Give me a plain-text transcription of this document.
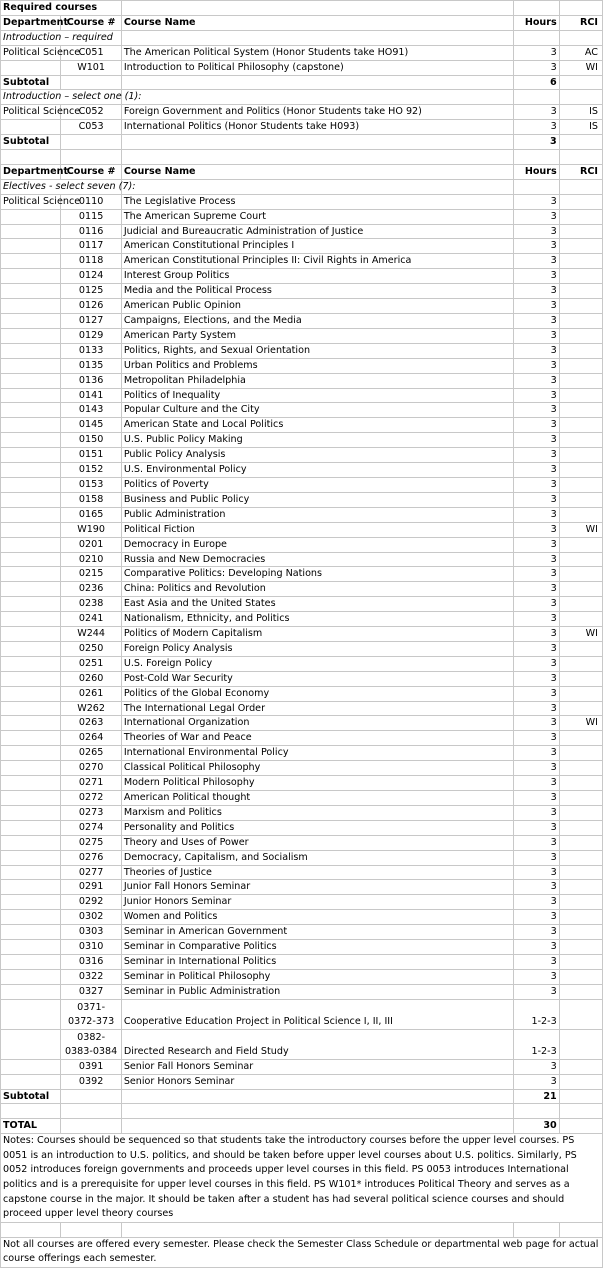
Required courses				
Department	Course #	Course Name	Hours	RCI
Introduction – required				
Political Science	C051	The American Political System (Honor Students take HO91)	3	AC
	W101	Introduction to Political Philosophy (capstone)	3	WI
Subtotal			6	
Introduction – select one (1):				
Political Science	C052	Foreign Government and Politics (Honor Students take HO 92)	3	IS
	C053	International Politics (Honor Students take H093)	3	IS
Subtotal			3	

Department	Course #	Course Name	Hours	RCI
Electives - select seven (7):				
Political Science	0110	The Legislative Process	3	
	0115	The American Supreme Court	3	
	0116	Judicial and Bureaucratic Administration of Justice	3	
	0117	American Constitutional Principles I	3	
	0118	American Constitutional Principles II: Civil Rights in America	3	
	0124	Interest Group Politics	3	
	0125	Media and the Political Process	3	
	0126	American Public Opinion	3	
	0127	Campaigns, Elections, and the Media	3	
	0129	American Party System	3	
	0133	Politics, Rights, and Sexual Orientation	3	
	0135	Urban Politics and Problems	3	
	0136	Metropolitan Philadelphia	3	
	0141	Politics of Inequality	3	
	0143	Popular Culture and the City	3	
	0145	American State and Local Politics	3	
	0150	U.S. Public Policy Making	3	
	0151	Public Policy Analysis	3	
	0152	U.S. Environmental Policy	3	
	0153	Politics of Poverty	3	
	0158	Business and Public Policy	3	
	0165	Public Administration	3	
	W190	Political Fiction	3	WI
	0201	Democracy in Europe	3	
	0210	Russia and New Democracies	3	
	0215	Comparative Politics: Developing Nations	3	
	0236	China: Politics and Revolution	3	
	0238	East Asia and the United States	3	
	0241	Nationalism, Ethnicity, and Politics	3	
	W244	Politics of Modern Capitalism	3	WI
	0250	Foreign Policy Analysis	3	
	0251	U.S. Foreign Policy	3	
	0260	Post-Cold War Security	3	
	0261	Politics of the Global Economy	3	
	W262	The International Legal Order	3	
	0263	International Organization	3	WI
	0264	Theories of War and Peace	3	
	0265	International Environmental Policy	3	
	0270	Classical Political Philosophy	3	
	0271	Modern Political Philosophy	3	
	0272	American Political thought	3	
	0273	Marxism and Politics	3	
	0274	Personality and Politics	3	
	0275	Theory and Uses of Power	3	
	0276	Democracy, Capitalism, and Socialism	3	
	0277	Theories of Justice	3	
	0291	Junior Fall Honors Seminar	3	
	0292	Junior Honors Seminar	3	
	0302	Women and Politics	3	
	0303	Seminar in American Government	3	
	0310	Seminar in Comparative Politics	3	
	0316	Seminar in International Politics	3	
	0322	Seminar in Political Philosophy	3	
	0327	Seminar in Public Administration	3	
	0371-0372-373	Cooperative Education Project in Political Science I, II, III	1-2-3	
	0382-0383-0384	Directed Research and Field Study	1-2-3	
	0391	Senior Fall Honors Seminar	3	
	0392	Senior Honors Seminar	3	
Subtotal			21	

TOTAL			30	
Notes: Courses should be sequenced so that students take the introductory courses before the upper level courses. PS 0051 is an introduction to U.S. politics, and should be taken before upper level courses about U.S. politics. Similarly, PS 0052 introduces foreign governments and proceeds upper level courses in this field. PS 0053 introduces International politics and is a prerequisite for upper level courses in this field. PS W101* introduces Political Theory and serves as a capstone course in the major. It should be taken after a student has had several political science courses and should proceed upper level theory courses				

Not all courses are offered every semester. Please check the Semester Class Schedule or departmental web page for actual course offerings each semester.				
